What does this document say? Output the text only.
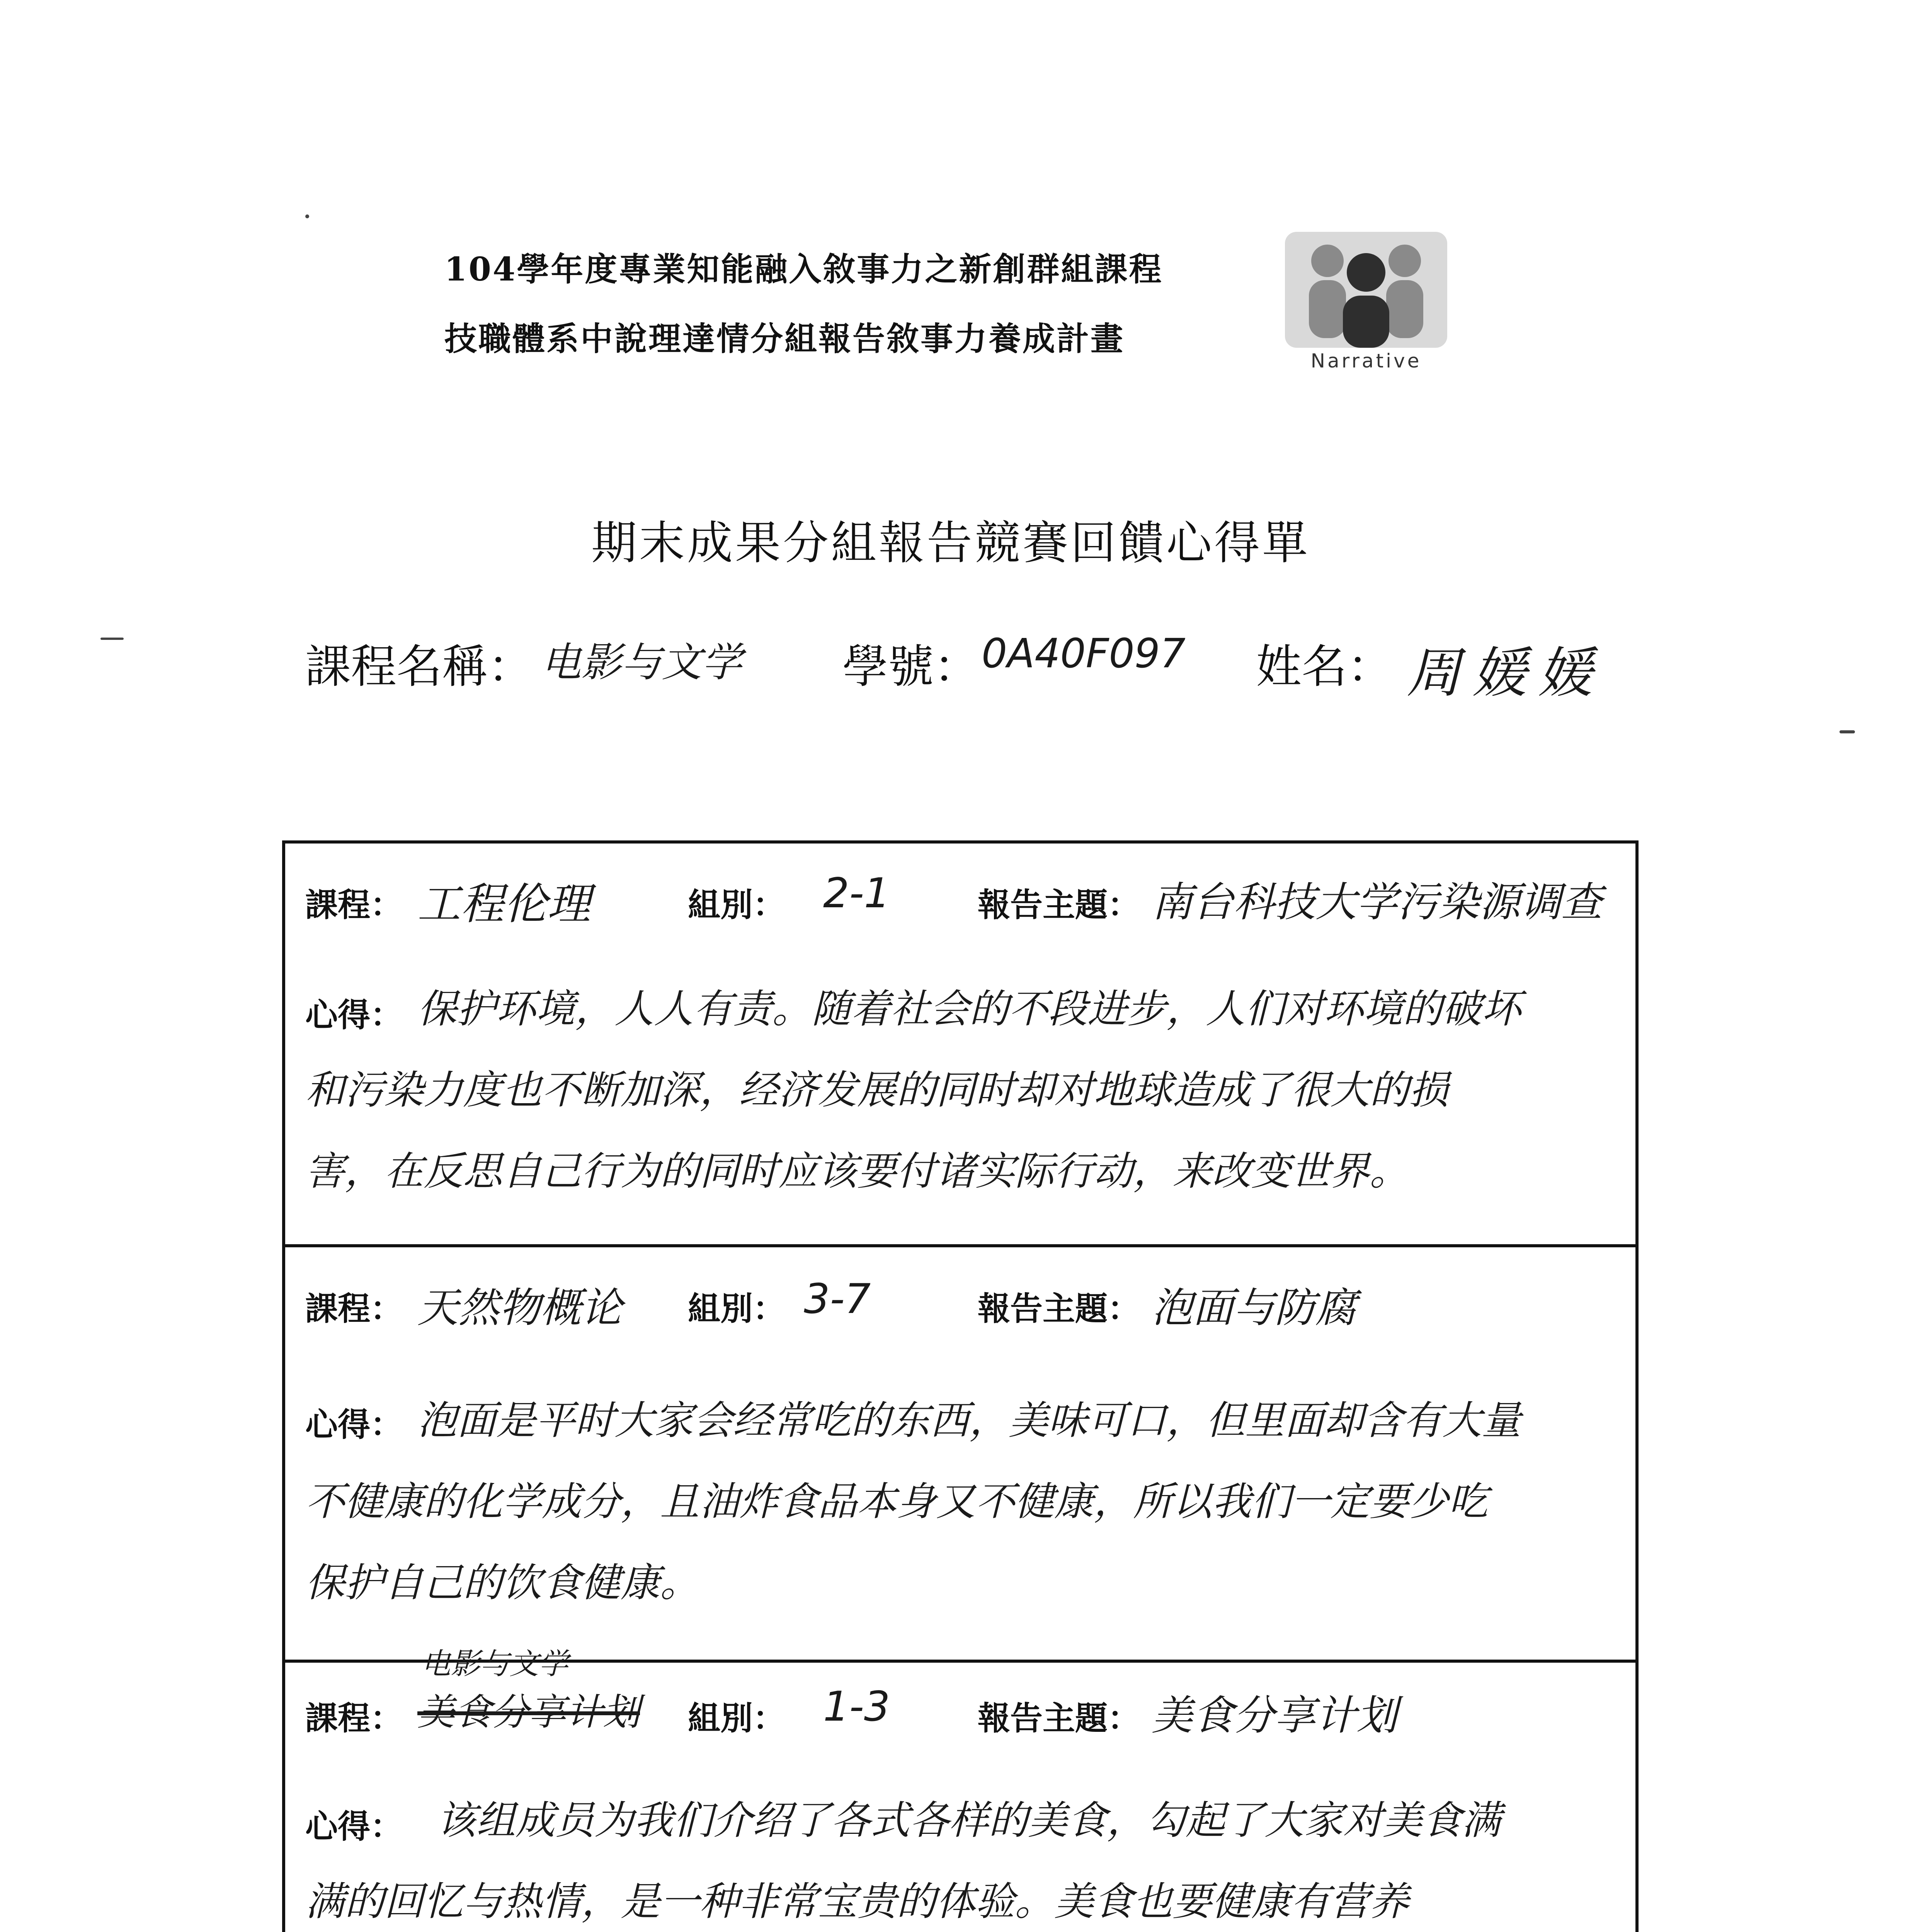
104學年度專業知能融入敘事力之新創群組課程
技職體系中說理達情分組報告敘事力養成計畫
Narrative
期末成果分組報告競賽回饋心得單
課程名稱： 电影与文学 學號： 0A40F097 姓名： 周媛媛
課程： 工程伦理	組別： 2-1	報告主題： 南台科技大学污染源调查
心得： 保护环境，人人有责。随着社会的不段进步，人们对环境的破坏
和污染力度也不断加深，经济发展的同时却对地球造成了很大的损
害，在反思自己行为的同时应该要付诸实际行动，来改变世界。
課程： 天然物概论 組別： 3-7	報告主題： 泡面与防腐
心得： 泡面是平时大家会经常吃的东西，美味可口，但里面却含有大量
不健康的化学成分，且油炸食品本身又不健康，所以我们一定要少吃
保护自己的饮食健康。
电影与文学
課程： 美食分享计划 組別： 1-3	報告主題： 美食分享计划
心得： 该组成员为我们介绍了各式各样的美食，勾起了大家对美食满
满的回忆与热情，是一种非常宝贵的体验。美食也要健康有营养
